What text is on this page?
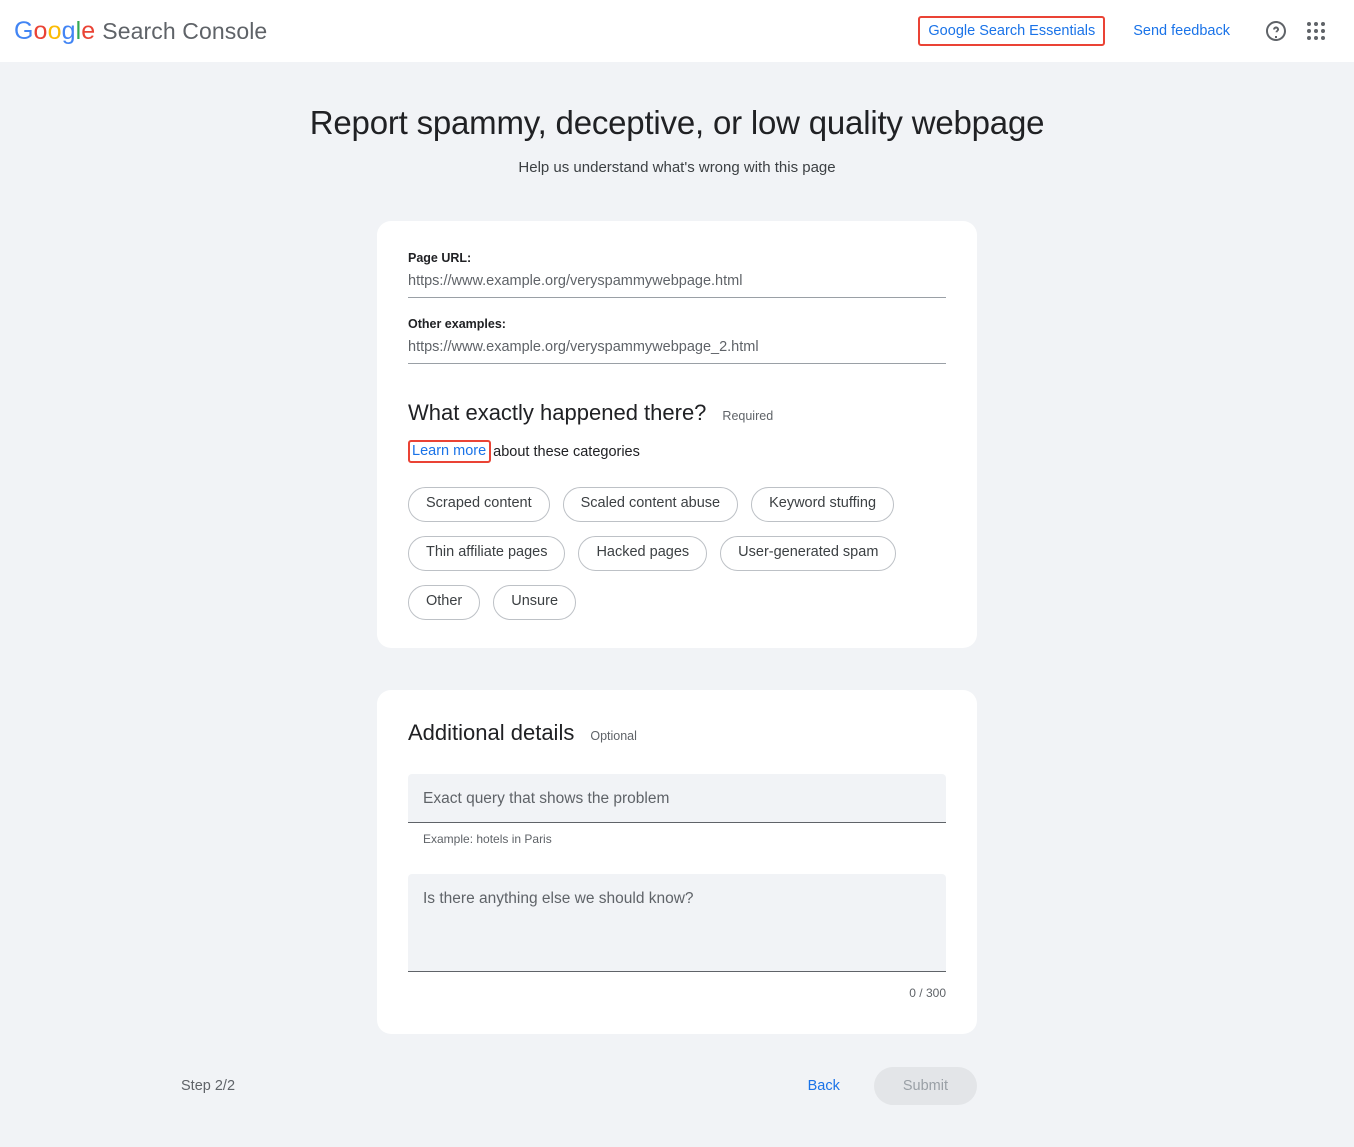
Google Search Console	Google Search Essentials	Send feedback
Report spammy, deceptive, or low quality webpage
Help us understand what's wrong with this page
Page URL:
https://www.example.org/veryspammywebpage.html
Other examples:
https://www.example.org/veryspammywebpage_2.html
What exactly happened there? Required
Learn more about these categories
Scraped content	Scaled content abuse	Keyword stuffing
Thin affiliate pages	Hacked pages	User-generated spam
Other	Unsure
Additional details Optional
Exact query that shows the problem
Example: hotels in Paris
Is there anything else we should know?
0 / 300
Step 2/2	Back	Submit
